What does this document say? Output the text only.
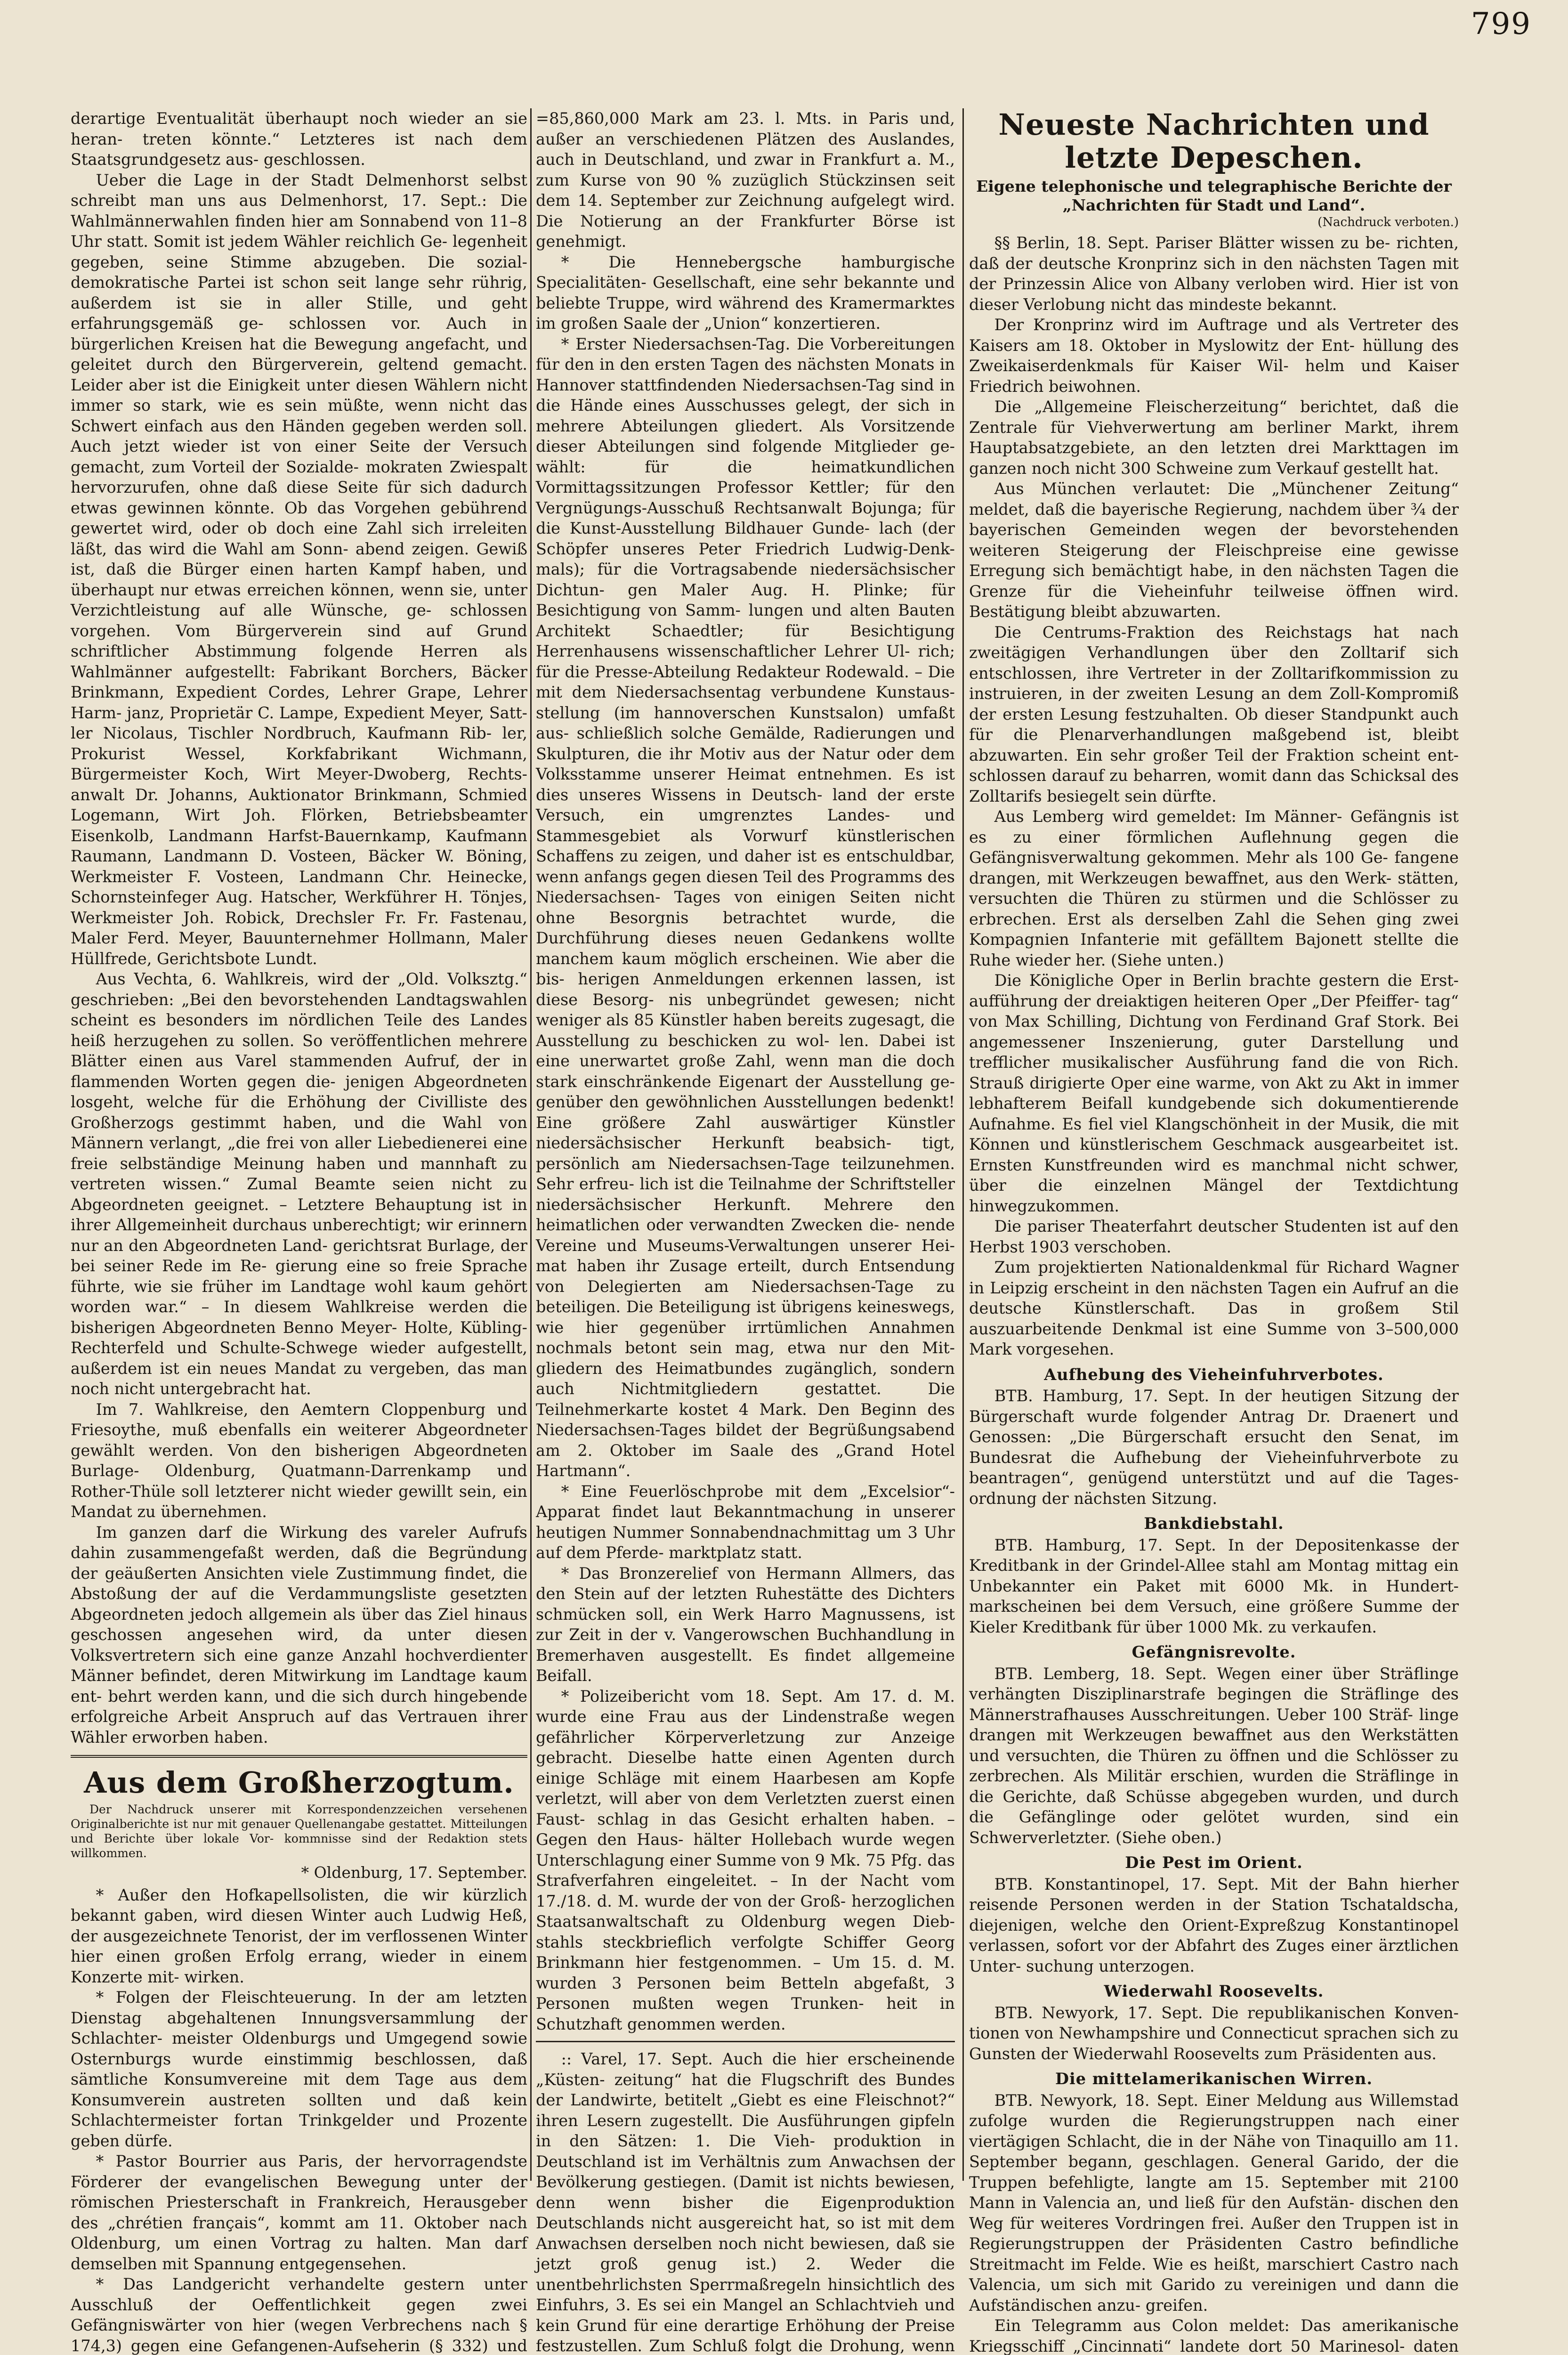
799

derartige Eventualität überhaupt noch wieder an sie heran- treten könnte.“ Letzteres ist nach dem Staatsgrundgesetz aus- geschlossen.

Ueber die Lage in der Stadt Delmenhorst selbst schreibt man uns aus Delmenhorst, 17. Sept.: Die Wahlmännerwahlen finden hier am Sonnabend von 11–8 Uhr statt. Somit ist jedem Wähler reichlich Ge- legenheit gegeben, seine Stimme abzugeben. Die sozial- demokratische Partei ist schon seit lange sehr rührig, außerdem ist sie in aller Stille, und geht erfahrungsgemäß ge- schlossen vor. Auch in bürgerlichen Kreisen hat die Bewegung angefacht, und geleitet durch den Bürgerverein, geltend gemacht. Leider aber ist die Einigkeit unter diesen Wählern nicht immer so stark, wie es sein müßte, wenn nicht das Schwert einfach aus den Händen gegeben werden soll. Auch jetzt wieder ist von einer Seite der Versuch gemacht, zum Vorteil der Sozialde- mokraten Zwiespalt hervorzurufen, ohne daß diese Seite für sich dadurch etwas gewinnen könnte. Ob das Vorgehen gebührend gewertet wird, oder ob doch eine Zahl sich irreleiten läßt, das wird die Wahl am Sonn- abend zeigen. Gewiß ist, daß die Bürger einen harten Kampf haben, und überhaupt nur etwas erreichen können, wenn sie, unter Verzichtleistung auf alle Wünsche, ge- schlossen vorgehen. Vom Bürgerverein sind auf Grund schriftlicher Abstimmung folgende Herren als Wahlmänner aufgestellt: Fabrikant Borchers, Bäcker Brinkmann, Expedient Cordes, Lehrer Grape, Lehrer Harm- janz, Proprietär C. Lampe, Expedient Meyer, Satt- ler Nicolaus, Tischler Nordbruch, Kaufmann Rib- ler, Prokurist Wessel, Korkfabrikant Wichmann, Bürgermeister Koch, Wirt Meyer-Dwoberg, Rechts- anwalt Dr. Johanns, Auktionator Brinkmann, Schmied Logemann, Wirt Joh. Flörken, Betriebsbeamter Eisenkolb, Landmann Harfst-Bauernkamp, Kaufmann Raumann, Landmann D. Vosteen, Bäcker W. Böning, Werkmeister F. Vosteen, Landmann Chr. Heinecke, Schornsteinfeger Aug. Hatscher, Werkführer H. Tönjes, Werkmeister Joh. Robick, Drechsler Fr. Fr. Fastenau, Maler Ferd. Meyer, Bauunternehmer Hollmann, Maler Hüllfrede, Gerichtsbote Lundt.

Aus Vechta, 6. Wahlkreis, wird der „Old. Volksztg.“ geschrieben: „Bei den bevorstehenden Landtagswahlen scheint es besonders im nördlichen Teile des Landes heiß herzugehen zu sollen. So veröffentlichen mehrere Blätter einen aus Varel stammenden Aufruf, der in flammenden Worten gegen die- jenigen Abgeordneten losgeht, welche für die Erhöhung der Civilliste des Großherzogs gestimmt haben, und die Wahl von Männern verlangt, „die frei von aller Liebedienerei eine freie selbständige Meinung haben und mannhaft zu vertreten wissen.“ Zumal Beamte seien nicht zu Abgeordneten geeignet. – Letztere Behauptung ist in ihrer Allgemeinheit durchaus unberechtigt; wir erinnern nur an den Abgeordneten Land- gerichtsrat Burlage, der bei seiner Rede im Re- gierung eine so freie Sprache führte, wie sie früher im Landtage wohl kaum gehört worden war.“ – In diesem Wahlkreise werden die bisherigen Abgeordneten Benno Meyer- Holte, Kübling-Rechterfeld und Schulte-Schwege wieder aufgestellt, außerdem ist ein neues Mandat zu vergeben, das man noch nicht untergebracht hat.

Im 7. Wahlkreise, den Aemtern Cloppenburg und Friesoythe, muß ebenfalls ein weiterer Abgeordneter gewählt werden. Von den bisherigen Abgeordneten Burlage- Oldenburg, Quatmann-Darrenkamp und Rother-Thüle soll letzterer nicht wieder gewillt sein, ein Mandat zu übernehmen.

Im ganzen darf die Wirkung des vareler Aufrufs dahin zusammengefaßt werden, daß die Begründung der geäußerten Ansichten viele Zustimmung findet, die Abstoßung der auf die Verdammungsliste gesetzten Abgeordneten jedoch allgemein als über das Ziel hinaus geschossen angesehen wird, da unter diesen Volksvertretern sich eine ganze Anzahl hochverdienter Männer befindet, deren Mitwirkung im Landtage kaum ent- behrt werden kann, und die sich durch hingebende erfolgreiche Arbeit Anspruch auf das Vertrauen ihrer Wähler erworben haben.

Aus dem Großherzogtum.

Der Nachdruck unserer mit Korrespondenzzeichen versehenen Originalberichte ist nur mit genauer Quellenangabe gestattet. Mitteilungen und Berichte über lokale Vor- kommnisse sind der Redaktion stets willkommen.

* Oldenburg, 17. September.

* Außer den Hofkapellsolisten, die wir kürzlich bekannt gaben, wird diesen Winter auch Ludwig Heß, der ausgezeichnete Tenorist, der im verflossenen Winter hier einen großen Erfolg errang, wieder in einem Konzerte mit- wirken.

* Folgen der Fleischteuerung. In der am letzten Dienstag abgehaltenen Innungsversammlung der Schlachter- meister Oldenburgs und Umgegend sowie Osternburgs wurde einstimmig beschlossen, daß sämtliche Konsumvereine mit dem Tage aus dem Konsumverein austreten sollten und daß kein Schlachtermeister fortan Trinkgelder und Prozente geben dürfe.

* Pastor Bourrier aus Paris, der hervorragendste Förderer der evangelischen Bewegung unter der römischen Priesterschaft in Frankreich, Herausgeber des „chrétien français“, kommt am 11. Oktober nach Oldenburg, um einen Vortrag zu halten. Man darf demselben mit Spannung entgegensehen.

* Das Landgericht verhandelte gestern unter Ausschluß der Oeffentlichkeit gegen zwei Gefängniswärter von hier (wegen Verbrechens nach § 174,3) gegen eine Gefangenen-Aufseherin (§ 332) und

=85,860,000 Mark am 23. l. Mts. in Paris und, außer an verschiedenen Plätzen des Auslandes, auch in Deutschland, und zwar in Frankfurt a. M., zum Kurse von 90 % zuzüglich Stückzinsen seit dem 14. September zur Zeichnung aufgelegt wird. Die Notierung an der Frankfurter Börse ist genehmigt.

* Die Hennebergsche hamburgische Specialitäten- Gesellschaft, eine sehr bekannte und beliebte Truppe, wird während des Kramermarktes im großen Saale der „Union“ konzertieren.

* Erster Niedersachsen-Tag. Die Vorbereitungen für den in den ersten Tagen des nächsten Monats in Hannover stattfindenden Niedersachsen-Tag sind in die Hände eines Ausschusses gelegt, der sich in mehrere Abteilungen gliedert. Als Vorsitzende dieser Abteilungen sind folgende Mitglieder ge- wählt: für die heimatkundlichen Vormittagssitzungen Professor Kettler; für den Vergnügungs-Ausschuß Rechtsanwalt Bojunga; für die Kunst-Ausstellung Bildhauer Gunde- lach (der Schöpfer unseres Peter Friedrich Ludwig-Denk- mals); für die Vortragsabende niedersächsischer Dichtun- gen Maler Aug. H. Plinke; für Besichtigung von Samm- lungen und alten Bauten Architekt Schaedtler; für Besichtigung Herrenhausens wissenschaftlicher Lehrer Ul- rich; für die Presse-Abteilung Redakteur Rodewald. – Die mit dem Niedersachsentag verbundene Kunstaus- stellung (im hannoverschen Kunstsalon) umfaßt aus- schließlich solche Gemälde, Radierungen und Skulpturen, die ihr Motiv aus der Natur oder dem Volksstamme unserer Heimat entnehmen. Es ist dies unseres Wissens in Deutsch- land der erste Versuch, ein umgrenztes Landes- und Stammesgebiet als Vorwurf künstlerischen Schaffens zu zeigen, und daher ist es entschuldbar, wenn anfangs gegen diesen Teil des Programms des Niedersachsen- Tages von einigen Seiten nicht ohne Besorgnis betrachtet wurde, die Durchführung dieses neuen Gedankens wollte manchem kaum möglich erscheinen. Wie aber die bis- herigen Anmeldungen erkennen lassen, ist diese Besorg- nis unbegründet gewesen; nicht weniger als 85 Künstler haben bereits zugesagt, die Ausstellung zu beschicken zu wol- len. Dabei ist eine unerwartet große Zahl, wenn man die doch stark einschränkende Eigenart der Ausstellung ge- genüber den gewöhnlichen Ausstellungen bedenkt! Eine größere Zahl auswärtiger Künstler niedersächsischer Herkunft beabsich- tigt, persönlich am Niedersachsen-Tage teilzunehmen. Sehr erfreu- lich ist die Teilnahme der Schriftsteller niedersächsischer Herkunft. Mehrere den heimatlichen oder verwandten Zwecken die- nende Vereine und Museums-Verwaltungen unserer Hei- mat haben ihr Zusage erteilt, durch Entsendung von Delegierten am Niedersachsen-Tage zu beteiligen. Die Beteiligung ist übrigens keineswegs, wie hier gegenüber irrtümlichen Annahmen nochmals betont sein mag, etwa nur den Mit- gliedern des Heimatbundes zugänglich, sondern auch Nichtmitgliedern gestattet. Die Teilnehmerkarte kostet 4 Mark. Den Beginn des Niedersachsen-Tages bildet der Begrüßungsabend am 2. Oktober im Saale des „Grand Hotel Hartmann“.

* Eine Feuerlöschprobe mit dem „Excelsior“- Apparat findet laut Bekanntmachung in unserer heutigen Nummer Sonnabendnachmittag um 3 Uhr auf dem Pferde- marktplatz statt.

* Das Bronzerelief von Hermann Allmers, das den Stein auf der letzten Ruhestätte des Dichters schmücken soll, ein Werk Harro Magnussens, ist zur Zeit in der v. Vangerowschen Buchhandlung in Bremerhaven ausgestellt. Es findet allgemeine Beifall.

* Polizeibericht vom 18. Sept. Am 17. d. M. wurde eine Frau aus der Lindenstraße wegen gefährlicher Körperverletzung zur Anzeige gebracht. Dieselbe hatte einen Agenten durch einige Schläge mit einem Haarbesen am Kopfe verletzt, will aber von dem Verletzten zuerst einen Faust- schlag in das Gesicht erhalten haben. – Gegen den Haus- hälter Hollebach wurde wegen Unterschlagung einer Summe von 9 Mk. 75 Pfg. das Strafverfahren eingeleitet. – In der Nacht vom 17./18. d. M. wurde der von der Groß- herzoglichen Staatsanwaltschaft zu Oldenburg wegen Dieb- stahls steckbrieflich verfolgte Schiffer Georg Brinkmann hier festgenommen. – Um 15. d. M. wurden 3 Personen beim Betteln abgefaßt, 3 Personen mußten wegen Trunken- heit in Schutzhaft genommen werden.

:: Varel, 17. Sept. Auch die hier erscheinende „Küsten- zeitung“ hat die Flugschrift des Bundes der Landwirte, betitelt „Giebt es eine Fleischnot?“ ihren Lesern zugestellt. Die Ausführungen gipfeln in den Sätzen: 1. Die Vieh- produktion in Deutschland ist im Verhältnis zum Anwachsen der Bevölkerung gestiegen. (Damit ist nichts bewiesen, denn wenn bisher die Eigenproduktion Deutschlands nicht ausgereicht hat, so ist mit dem Anwachsen derselben noch nicht bewiesen, daß sie jetzt groß genug ist.) 2. Weder die unentbehrlichsten Sperrmaßregeln hinsichtlich des Einfuhrs, 3. Es sei ein Mangel an Schlachtvieh und kein Grund für eine derartige Erhöhung der Preise festzustellen. Zum Schluß folgt die Drohung, wenn

Neueste Nachrichten und letzte Depeschen.
Eigene telephonische und telegraphische Berichte der „Nachrichten für Stadt und Land“.
(Nachdruck verboten.)

§§ Berlin, 18. Sept. Pariser Blätter wissen zu be- richten, daß der deutsche Kronprinz sich in den nächsten Tagen mit der Prinzessin Alice von Albany verloben wird. Hier ist von dieser Verlobung nicht das mindeste bekannt.

Der Kronprinz wird im Auftrage und als Vertreter des Kaisers am 18. Oktober in Myslowitz der Ent- hüllung des Zweikaiserdenkmals für Kaiser Wil- helm und Kaiser Friedrich beiwohnen.

Die „Allgemeine Fleischerzeitung“ berichtet, daß die Zentrale für Viehverwertung am berliner Markt, ihrem Hauptabsatzgebiete, an den letzten drei Markttagen im ganzen noch nicht 300 Schweine zum Verkauf gestellt hat.

Aus München verlautet: Die „Münchener Zeitung“ meldet, daß die bayerische Regierung, nachdem über ¾ der bayerischen Gemeinden wegen der bevorstehenden weiteren Steigerung der Fleischpreise eine gewisse Erregung sich bemächtigt habe, in den nächsten Tagen die Grenze für die Vieheinfuhr teilweise öffnen wird. Bestätigung bleibt abzuwarten.

Die Centrums-Fraktion des Reichstags hat nach zweitägigen Verhandlungen über den Zolltarif sich entschlossen, ihre Vertreter in der Zolltarifkommission zu instruieren, in der zweiten Lesung an dem Zoll-Kompromiß der ersten Lesung festzuhalten. Ob dieser Standpunkt auch für die Plenarverhandlungen maßgebend ist, bleibt abzuwarten. Ein sehr großer Teil der Fraktion scheint ent- schlossen darauf zu beharren, womit dann das Schicksal des Zolltarifs besiegelt sein dürfte.

Aus Lemberg wird gemeldet: Im Männer- Gefängnis ist es zu einer förmlichen Auflehnung gegen die Gefängnisverwaltung gekommen. Mehr als 100 Ge- fangene drangen, mit Werkzeugen bewaffnet, aus den Werk- stätten, versuchten die Thüren zu stürmen und die Schlösser zu erbrechen. Erst als derselben Zahl die Sehen ging zwei Kompagnien Infanterie mit gefälltem Bajonett stellte die Ruhe wieder her. (Siehe unten.)

Die Königliche Oper in Berlin brachte gestern die Erst- aufführung der dreiaktigen heiteren Oper „Der Pfeiffer- tag“ von Max Schilling, Dichtung von Ferdinand Graf Stork. Bei angemessener Inszenierung, guter Darstellung und trefflicher musikalischer Ausführung fand die von Rich. Strauß dirigierte Oper eine warme, von Akt zu Akt in immer lebhafterem Beifall kundgebende sich dokumentierende Aufnahme. Es fiel viel Klangschönheit in der Musik, die mit Können und künstlerischem Geschmack ausgearbeitet ist. Ernsten Kunstfreunden wird es manchmal nicht schwer, über die einzelnen Mängel der Textdichtung hinwegzukommen.

Die pariser Theaterfahrt deutscher Studenten ist auf den Herbst 1903 verschoben.

Zum projektierten Nationaldenkmal für Richard Wagner in Leipzig erscheint in den nächsten Tagen ein Aufruf an die deutsche Künstlerschaft. Das in großem Stil auszuarbeitende Denkmal ist eine Summe von 3–500,000 Mark vorgesehen.

Aufhebung des Vieheinfuhrverbotes.

BTB. Hamburg, 17. Sept. In der heutigen Sitzung der Bürgerschaft wurde folgender Antrag Dr. Draenert und Genossen: „Die Bürgerschaft ersucht den Senat, im Bundesrat die Aufhebung der Vieheinfuhrverbote zu beantragen“, genügend unterstützt und auf die Tages- ordnung der nächsten Sitzung.

Bankdiebstahl.

BTB. Hamburg, 17. Sept. In der Depositenkasse der Kreditbank in der Grindel-Allee stahl am Montag mittag ein Unbekannter ein Paket mit 6000 Mk. in Hundert- markscheinen bei dem Versuch, eine größere Summe der Kieler Kreditbank für über 1000 Mk. zu verkaufen.

Gefängnisrevolte.

BTB. Lemberg, 18. Sept. Wegen einer über Sträflinge verhängten Disziplinarstrafe begingen die Sträflinge des Männerstrafhauses Ausschreitungen. Ueber 100 Sträf- linge drangen mit Werkzeugen bewaffnet aus den Werkstätten und versuchten, die Thüren zu öffnen und die Schlösser zu zerbrechen. Als Militär erschien, wurden die Sträflinge in die Gerichte, daß Schüsse abgegeben wurden, und durch die Gefänglinge oder gelötet wurden, sind ein Schwerverletzter. (Siehe oben.)

Die Pest im Orient.

BTB. Konstantinopel, 17. Sept. Mit der Bahn hierher reisende Personen werden in der Station Tschataldscha, diejenigen, welche den Orient-Expreßzug Konstantinopel verlassen, sofort vor der Abfahrt des Zuges einer ärztlichen Unter- suchung unterzogen.

Wiederwahl Roosevelts.

BTB. Newyork, 17. Sept. Die republikanischen Konven- tionen von Newhampshire und Connecticut sprachen sich zu Gunsten der Wiederwahl Roosevelts zum Präsidenten aus.

Die mittelamerikanischen Wirren.

BTB. Newyork, 18. Sept. Einer Meldung aus Willemstad zufolge wurden die Regierungstruppen nach einer viertägigen Schlacht, die in der Nähe von Tinaquillo am 11. September begann, geschlagen. General Garido, der die Truppen befehligte, langte am 15. September mit 2100 Mann in Valencia an, und ließ für den Aufstän- dischen den Weg für weiteres Vordringen frei. Außer den Truppen ist in Regierungstruppen der Präsidenten Castro befindliche Streitmacht im Felde. Wie es heißt, marschiert Castro nach Valencia, um sich mit Garido zu vereinigen und dann die Aufständischen anzu- greifen.

Ein Telegramm aus Colon meldet: Das amerikanische Kriegsschiff „Cincinnati“ landete dort 50 Marinesol- daten
